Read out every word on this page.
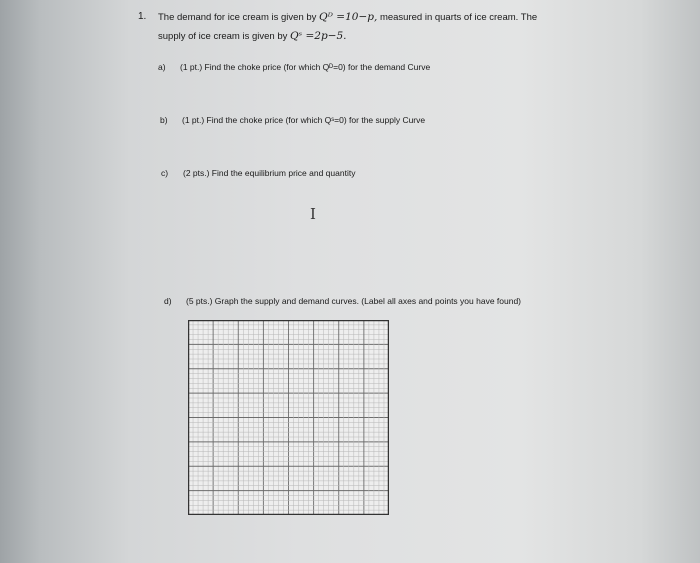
1. The demand for ice cream is given by Qᴰ =10−p, measured in quarts of ice cream. The
supply of ice cream is given by Qˢ =2p−5.
a) (1 pt.) Find the choke price (for which Qᴰ=0) for the demand Curve
b) (1 pt.) Find the choke price (for which Qˢ=0) for the supply Curve
c) (2 pts.) Find the equilibrium price and quantity
I
d) (5 pts.) Graph the supply and demand curves. (Label all axes and points you have found)
